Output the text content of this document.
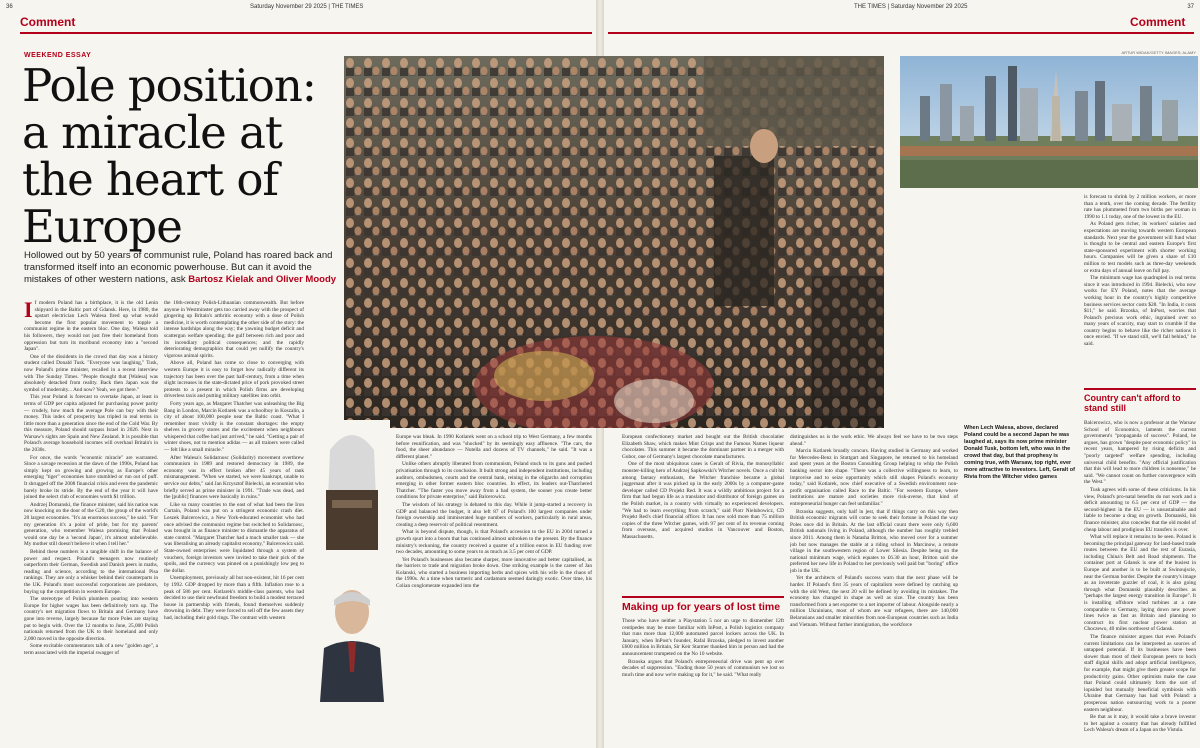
36	Saturday November 29 2025 | THE TIMES	THE TIMES | Saturday November 29 2025	37
Comment	Comment
WEEKEND ESSAY
Pole position: a miracle at the heart of Europe
Hollowed out by 50 years of communist rule, Poland has roared back and transformed itself into an economic powerhouse. But can it avoid the mistakes of other western nations, ask Bartosz Kielak and Oliver Moody
ARTUR WIDAK/GETTY IMAGES; ALAMY

If modern Poland has a birthplace, it is the old Lenin shipyard in the Baltic port of Gdansk. Here, in 1980, the upstart electrician Lech Walesa fired up what would become the first popular movement to topple a communist regime in the eastern bloc. One day, Walesa told his followers, they would not just free their homeland from oppression but turn its moribund economy into a "second Japan".

One of the dissidents in the crowd that day was a history student called Donald Tusk. "Everyone was laughing," Tusk, now Poland's prime minister, recalled in a recent interview with The Sunday Times. "People thought that [Walesa] was absolutely detached from reality. Back then Japan was the symbol of modernity... And now? Yeah, we got there."

This year Poland is forecast to overtake Japan, at least in terms of GDP per capita adjusted for purchasing power parity — crudely, how much the average Pole can buy with their money. This index of prosperity has tripled in real terms in little more than a generation since the end of the Cold War. By this measure, Poland should surpass Israel in 2026. Next in Warsaw's sights are Spain and New Zealand. It is possible that Poland's average household incomes will overhaul Britain's in the 2030s.

For once, the words "economic miracle" are warranted. Since a savage recession at the dawn of the 1990s, Poland has simply kept on growing and growing as Europe's other emerging "tiger" economies have stumbled or run out of puff. It shrugged off the 2008 financial crisis and even the pandemic barely broke its stride. By the end of the year it will have joined the select club of economies worth $1 trillion.

Andrzej Domanski, the finance minister, said his nation was now knocking on the door of the G20, the group of the world's 20 largest economies. "It's an enormous success," he said. "For my generation it's a point of pride, but for my parents' generation, who remember Walesa promising that Poland would one day be a 'second Japan', it's almost unbelievable. My mother still doesn't believe it when I tell her."

Behind these numbers is a tangible shift in the balance of power and respect. Poland's teenagers now routinely outperform their German, Swedish and Danish peers in maths, reading and science, according to the international Pisa rankings. They are only a whisker behind their counterparts in the UK. Poland's most successful corporations are predators, buying up the competition in western Europe.

The stereotype of Polish plumbers pouring into western Europe for higher wages has been definitively torn up. The country's net migration flows to Britain and Germany have gone into reverse, largely because far more Poles are staying put to begin with. Over the 12 months to June, 25,000 Polish nationals returned from the UK to their homeland and only 2,000 moved in the opposite direction.

Some excitable commentators talk of a new "golden age", a term associated with the imperial swagger of

the 16th-century Polish-Lithuanian commonwealth. But before anyone in Westminster gets too carried away with the prospect of gingering up Britain's arthritic economy with a dose of Polish medicine, it is worth contemplating the other side of the story: the intense hardships along the way; the yawning budget deficit and scattergun welfare spending; the gulf between rich and poor and its incendiary political consequences; and the rapidly deteriorating demographics that could yet nullify the country's vigorous animal spirits.

Above all, Poland has come so close to converging with western Europe it is easy to forget how radically different its trajectory has been over the past half-century, from a time when slight increases in the state-dictated price of pork provoked street protests to a present in which Polish firms are developing driverless taxis and putting military satellites into orbit.

Forty years ago, as Margaret Thatcher was unleashing the Big Bang in London, Marcin Kotlarek was a schoolboy in Koszalin, a city of about 100,000 people near the Baltic coast. "What I remember most vividly is the constant shortages: the empty shelves in grocery stores and the excitement when neighbours whispered that coffee had just arrived," he said. "Getting a pair of winter shoes, not to mention adidas — as all trainers were called — felt like a small miracle."

After Walesa's Solidarnosc (Solidarity) movement overthrew communism in 1989 and restored democracy in 1989, the economy was in effect broken after 45 years of rank mismanagement. "When we started, we were bankrupt, unable to service our debts," said Jan Krzysztof Bielecki, an economist who briefly served as prime minister in 1991. "Trade was dead, and the [public] finances were basically in ruins."

Like so many countries to the east of what had been the Iron Curtain, Poland was put on a stringent economic crash diet. Leszek Balcerowicz, a New York-educated economist who had once advised the communist regime but switched to Solidarnosc, was brought in as finance minister to dismantle the apparatus of state control. "Margaret Thatcher had a much smaller task — she was liberalising an already capitalist economy," Balcerowicz said. State-owned enterprises were liquidated through a system of vouchers, foreign investors were invited to take their pick of the spoils, and the currency was pinned on a punishingly low peg to the dollar.

Unemployment, previously all but non-existent, hit 16 per cent by 1992. GDP dropped by more than a fifth. Inflation rose to a peak of 586 per cent. Kotlarek's middle-class parents, who had decided to use their newfound freedom to build a modest terraced house in partnership with friends, found themselves suddenly drowning in debt. They were forced to sell off the few assets they had, including their gold rings. The contrast with western

Europe was bleak. In 1990 Kotlarek went on a school trip to West Germany, a few months before reunification, and was "shocked" by its seemingly easy affluence. "The cars, the food, the sheer abundance — Nutella and dozens of TV channels," he said. "It was a different planet."

Unlike others abruptly liberated from communism, Poland stuck to its guns and pushed privatisation through to its conclusion. It built strong and independent institutions, including auditors, ombudsmen, courts and the central bank, reining in the oligarchs and corruption emerging in other former eastern bloc countries. In effect, its leaders out-Thatchered Thatcher. "The faster you move away from a bad system, the sooner you create better conditions for private enterprise," said Balcerowicz.

The wisdom of his strategy is debated to this day. While it jump-started a recovery in GDP and balanced the budget, it also left 87 of Poland's 100 largest companies under foreign ownership and immiserated huge numbers of workers, particularly in rural areas, creating a deep reservoir of political resentment.

What is beyond dispute, though, is that Poland's accession to the EU in 2004 turned a growth spurt into a boom that has continued almost unbroken to the present. By the finance ministry's reckoning, the country received a quarter of a trillion euros in EU funding over two decades, amounting to some years to as much as 3.5 per cent of GDP.

Yet Poland's businesses also became sharper, more innovative and better capitalised, as the barriers to trade and migration broke down. One striking example is the career of Jan Kolanski, who started a business importing herbs and spices with his wife in the chaos of the 1990s. At a time when turmeric and cardamom seemed daringly exotic. Over time, his Colian conglomerate expanded into the

European confectionery market and bought out the British chocolatier Elizabeth Shaw, which makes Mint Crisps and the Famous Names liqueur chocolates. This summer it became the dominant partner in a merger with Gubor, one of Germany's largest chocolate manufacturers.

One of the most ubiquitous cases is Geralt of Rivia, the monosyllabic monster-killing hero of Andrzej Sapkowski's Witcher novels. Once a cult hit among fantasy enthusiasts, the Witcher franchise became a global juggernaut after it was picked up in the early 2000s by a computer-game developer called CD Projekt Red. It was a wildly ambitious project for a firm that had begun life as a translator and distributor of foreign games on the Polish market, in a country with virtually no experienced developers. "We had to learn everything from scratch," said Piotr Nielubowicz, CD Projekt Red's chief financial officer. It has now sold more than 75 million copies of the three Witcher games, with 97 per cent of its revenue coming from overseas, and acquired studios in Vancouver and Boston, Massachusetts.

Making up for years of lost time

Those who have neither a Playstation 5 nor an urge to dismember 12ft centipedes may be more familiar with InPost, a Polish logistics company that runs more than 12,000 automated parcel lockers across the UK. In January, when InPost's founder, Rafal Brzoska, pledged to invest another £600 million in Britain, Sir Keir Starmer thanked him in person and had the announcement trumpeted on the No 10 website.

Brzoska argues that Poland's entrepreneurial drive was pent up over decades of suppression. "Ending those 50 years of communism we lost so much time and now we're making up for it," he said. "What really

distinguishes us is the work ethic. We always feel we have to be two steps ahead."

Marcin Kotlarek broadly concurs. Having studied in Germany and worked for Mercedes-Benz in Stuttgart and Singapore, he returned to his homeland and spent years at the Boston Consulting Group helping to whip the Polish banking sector into shape. "There was a collective willingness to learn, to improvise and to seize opportunity which still shapes Poland's economy today," said Kotlarek, now chief executive of a Swedish environment non-profit organisation called Race to the Baltic. "For western Europe, where institutions are mature and societies more risk-averse, that kind of entrepreneurial hunger can feel unfamiliar."

Brzoska suggests, only half in jest, that if things carry on this way then British economic migrants will come to seek their fortune in Poland the way Poles once did in Britain. At the last official count there were only 6,600 British nationals living in Poland, although the number has roughly trebled since 2011. Among them is Natasha Britton, who moved over for a summer job but now manages the stable at a riding school in Marcinow, a remote village in the southwestern region of Lower Silesia. Despite being on the national minimum wage, which equates to £6.30 an hour, Britton said she preferred her new life in Poland to her previously well paid but "boring" office job in the UK.

Yet the architects of Poland's success warn that the next phase will be harder. If Poland's first 35 years of capitalism were defined by catching up with the old West, the next 20 will be defined by avoiding its mistakes. The economy has changed in shape as well as size. The country has been transformed from a net exporter to a net importer of labour. Alongside nearly a million Ukrainians, most of whom are war refugees, there are 140,000 Belarusians and smaller minorities from non-European countries such as India and Vietnam. Without further immigration, the workforce

When Lech Walesa, above, declared Poland could be a second Japan he was laughed at, says its now prime minister Donald Tusk, bottom left, who was in the crowd that day, but that prophesy is coming true, with Warsaw, top right, ever more attractive to investors. Left, Geralt of Rivia from the Witcher video games

is forecast to shrink by 2 million workers, or more than a tenth, over the coming decade. The fertility rate has plummeted from two births per woman in 1990 to 1.1 today, one of the lowest in the EU.

As Poland gets richer, its workers' salaries and expectations are moving towards western European standards. Next year the government will fund what is thought to be central and eastern Europe's first state-sponsored experiment with shorter working hours. Companies will be given a share of £10 million to test models such as three-day weekends or extra days of annual leave on full pay.

The minimum wage has quadrupled in real terms since it was introduced in 1994. Bielecki, who now works for EY Poland, notes that the average working hour in the country's highly competitive business services sector costs $28. "In India, it costs $11," he said. Brzoska, of InPost, worries that Poland's precious work ethic, ingrained over so many years of scarcity, may start to crumble if the country begins to behave like the richer nations it once envied. "If we stand still, we'll fall behind," he said.

Country can't afford to stand still

Balcerowicz, who is now a professor at the Warsaw School of Economics, laments the current government's "propaganda of success". Poland, he argues, has grown "despite poor economic policy" in recent years, hampered by rising deficits and "poorly targeted" welfare spending, including universal child benefits. "Any official justification that this will lead to more children is nonsense," he said. "We cannot count on further convergence with the West."

Tusk agrees with some of these criticisms. In his view, Poland's pro-natal benefits do not work and a deficit amounting to 6.5 per cent of GDP — the second-highest in the EU — is unsustainable and liable to become a drag on growth. Domanski, his finance minister, also concedes that the old model of cheap labour and prodigious EU transfers is over.

What will replace it remains to be seen. Poland is becoming the principal gateway for land-based trade routes between the EU and the rest of Eurasia, including China's Belt and Road shipments. The container port at Gdansk is one of the busiest in Europe and another is to be built at Swinoujscie, near the German border. Despite the country's image as an inveterate guzzler of coal, it is also going through what Domanski plausibly describes as "perhaps the largest energy transition in Europe". It is installing offshore wind turbines at a rate comparable to Germany, laying down new power lines twice as fast as Britain and planning to construct its first nuclear power station at Choczewo, 40 miles northwest of Gdansk.

The finance minister argues that even Poland's current limitations can be interpreted as sources of untapped potential. If its businesses have been slower than most of their European peers to hoch staff digital skills and adopt artificial intelligence, for example, that might give them greater scope for productivity gains. Other optimists make the case that Poland could ultimately form the sort of lopsided but mutually beneficial symbiosis with Ukraine that Germany has had with Poland: a prosperous nation outsourcing work to a poorer eastern neighbour.

Be that as it may, it would take a brave investor to bet against a country that has already fulfilled Lech Walesa's dream of a Japan on the Vistula.
